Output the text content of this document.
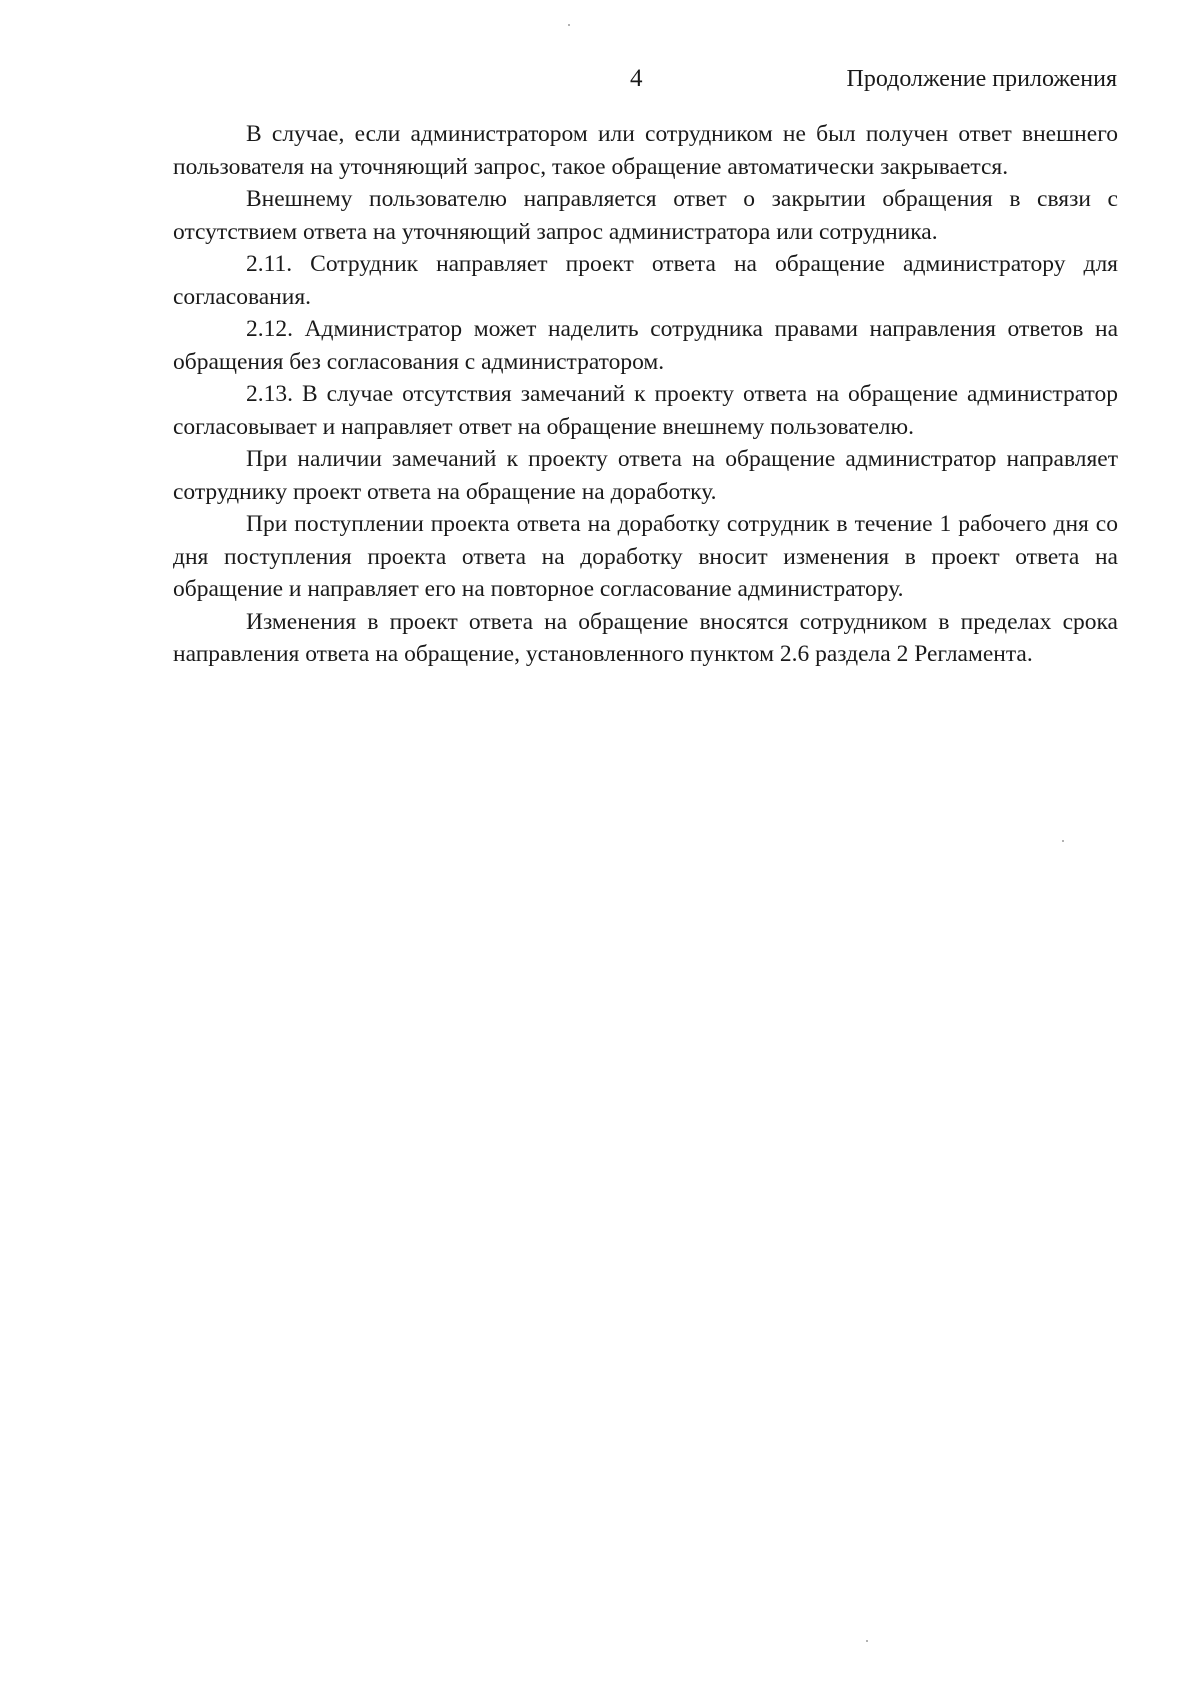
4	Продолжение приложения

В случае, если администратором или сотрудником не был получен ответ внешнего пользователя на уточняющий запрос, такое обращение автоматически закрывается.

Внешнему пользователю направляется ответ о закрытии обращения в связи с отсутствием ответа на уточняющий запрос администратора или сотрудника.

2.11. Сотрудник направляет проект ответа на обращение администратору для согласования.

2.12. Администратор может наделить сотрудника правами направления ответов на обращения без согласования с администратором.

2.13. В случае отсутствия замечаний к проекту ответа на обращение администратор согласовывает и направляет ответ на обращение внешнему пользователю.

При наличии замечаний к проекту ответа на обращение администратор направляет сотруднику проект ответа на обращение на доработку.

При поступлении проекта ответа на доработку сотрудник в течение 1 рабочего дня со дня поступления проекта ответа на доработку вносит изменения в проект ответа на обращение и направляет его на повторное согласование администратору.

Изменения в проект ответа на обращение вносятся сотрудником в пределах срока направления ответа на обращение, установленного пунктом 2.6 раздела 2 Регламента.
